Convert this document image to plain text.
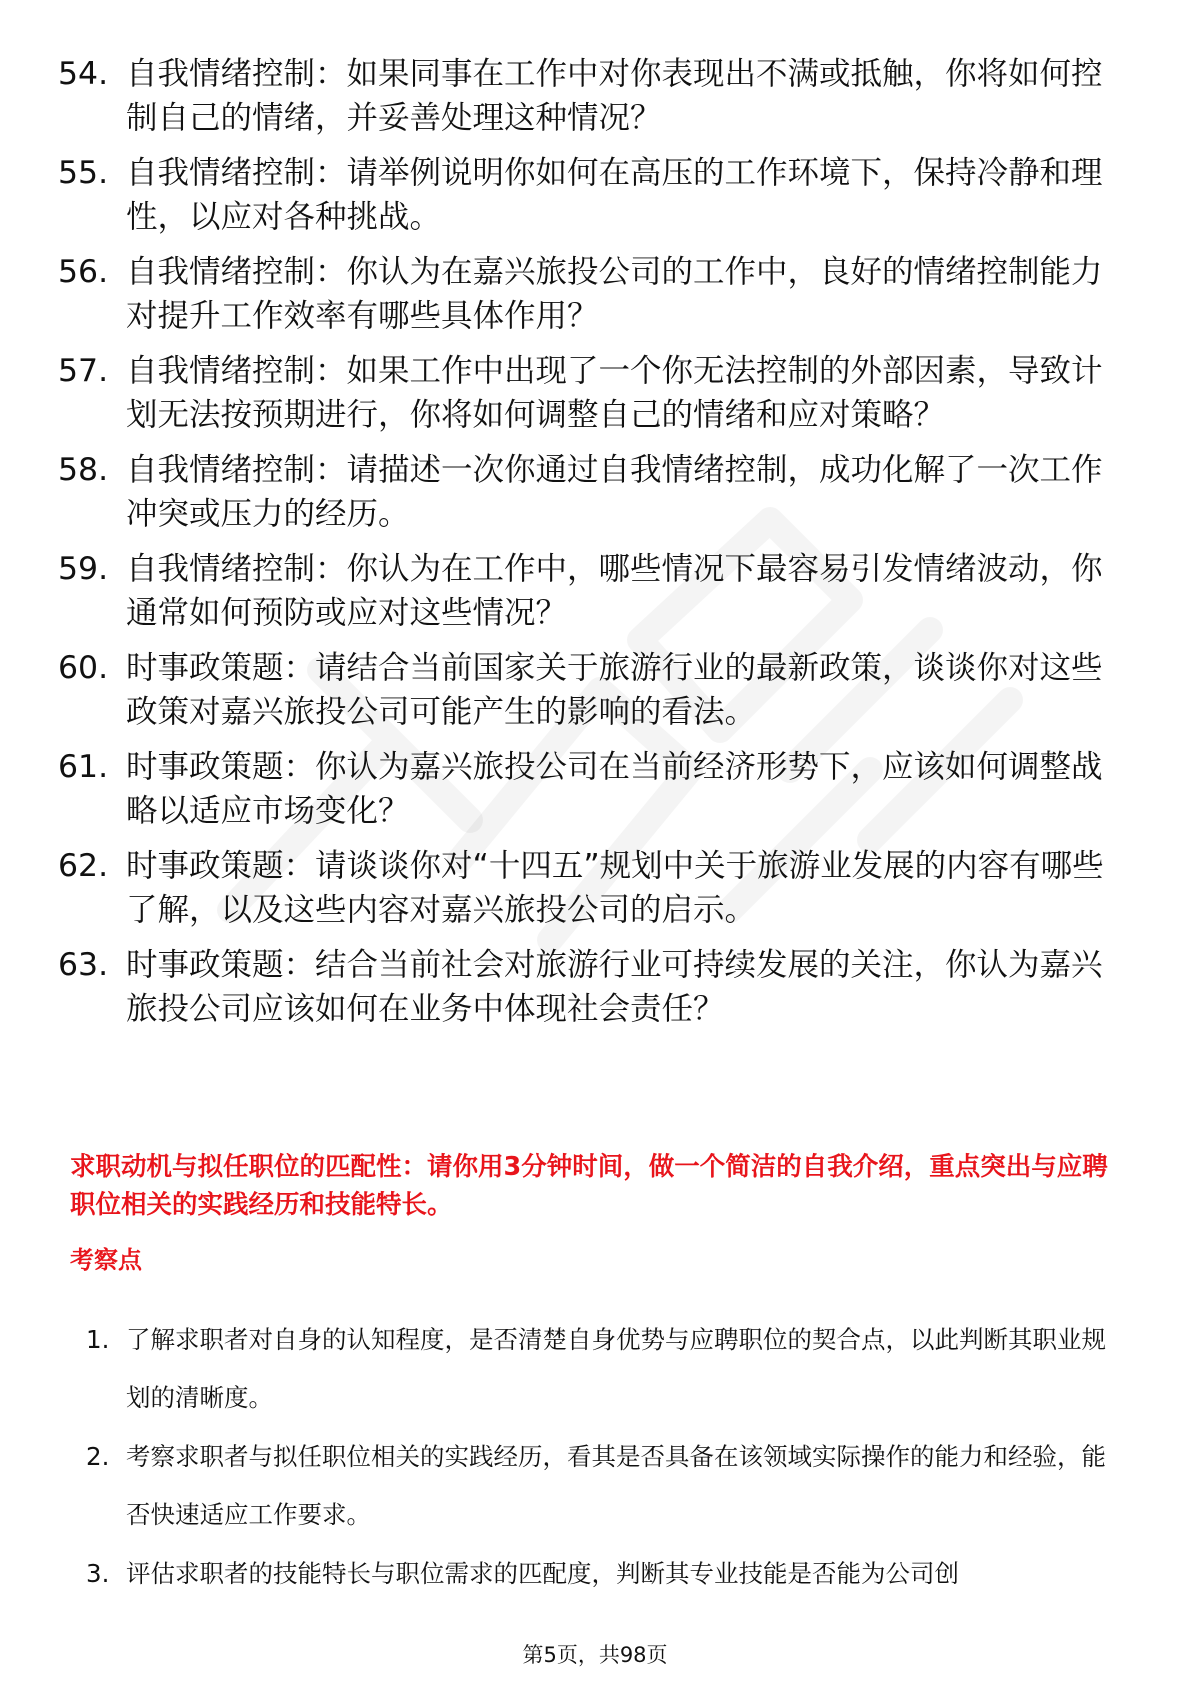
54. 自我情绪控制：如果同事在工作中对你表现出不满或抵触，你将如何控制自己的情绪，并妥善处理这种情况？
55. 自我情绪控制：请举例说明你如何在高压的工作环境下，保持冷静和理性，以应对各种挑战。
56. 自我情绪控制：你认为在嘉兴旅投公司的工作中，良好的情绪控制能力对提升工作效率有哪些具体作用？
57. 自我情绪控制：如果工作中出现了一个你无法控制的外部因素，导致计划无法按预期进行，你将如何调整自己的情绪和应对策略？
58. 自我情绪控制：请描述一次你通过自我情绪控制，成功化解了一次工作冲突或压力的经历。
59. 自我情绪控制：你认为在工作中，哪些情况下最容易引发情绪波动，你通常如何预防或应对这些情况？
60. 时事政策题：请结合当前国家关于旅游行业的最新政策，谈谈你对这些政策对嘉兴旅投公司可能产生的影响的看法。
61. 时事政策题：你认为嘉兴旅投公司在当前经济形势下，应该如何调整战略以适应市场变化？
62. 时事政策题：请谈谈你对“十四五”规划中关于旅游业发展的内容有哪些了解，以及这些内容对嘉兴旅投公司的启示。
63. 时事政策题：结合当前社会对旅游行业可持续发展的关注，你认为嘉兴旅投公司应该如何在业务中体现社会责任？
求职动机与拟任职位的匹配性：请你用3分钟时间，做一个简洁的自我介绍，重点突出与应聘职位相关的实践经历和技能特长。
考察点
1. 了解求职者对自身的认知程度，是否清楚自身优势与应聘职位的契合点，以此判断其职业规划的清晰度。
2. 考察求职者与拟任职位相关的实践经历，看其是否具备在该领域实际操作的能力和经验，能否快速适应工作要求。
3. 评估求职者的技能特长与职位需求的匹配度，判断其专业技能是否能为公司创
第5页，共98页
